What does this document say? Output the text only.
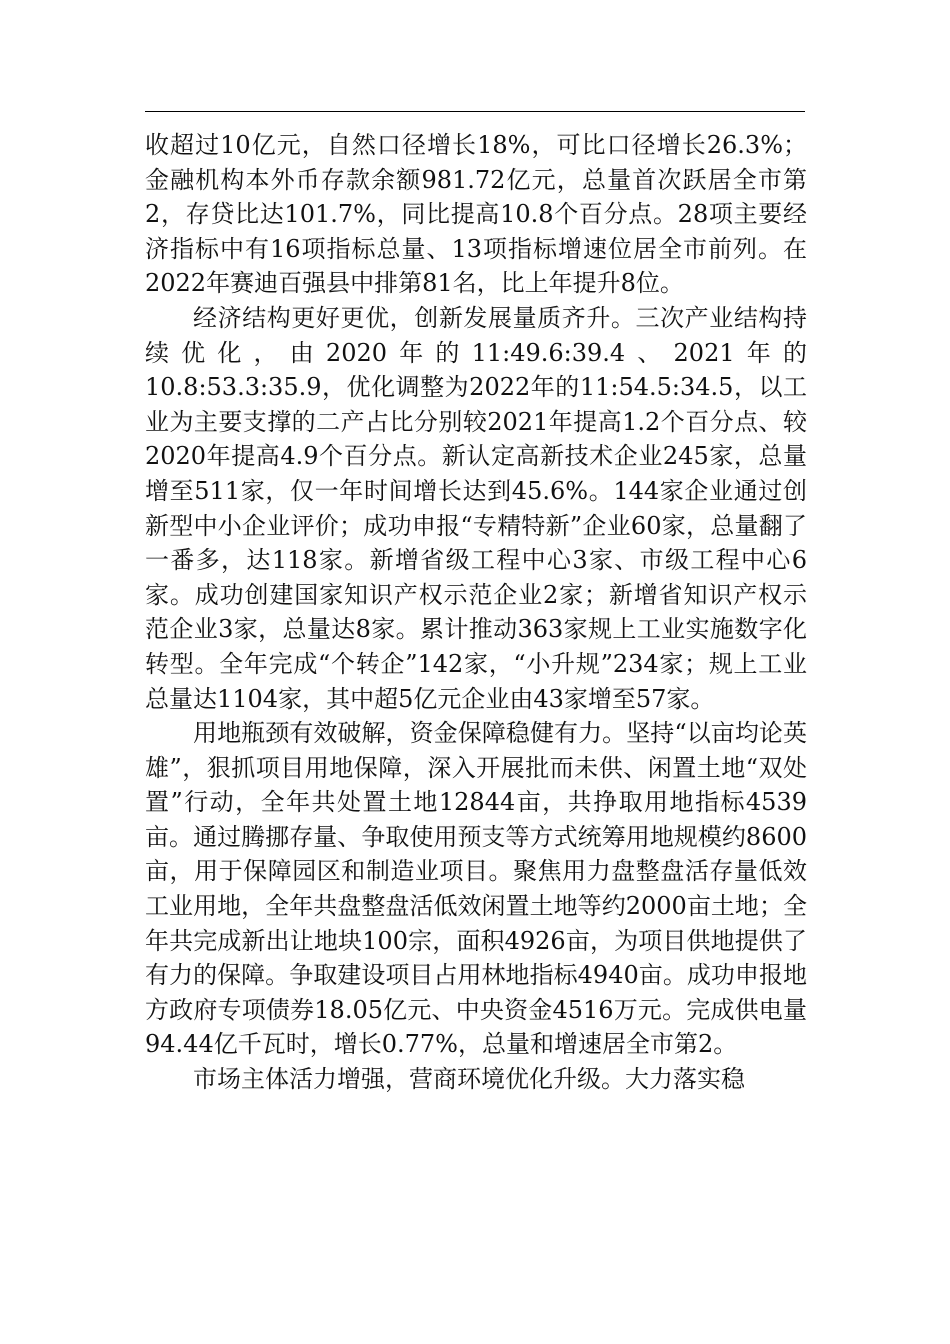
收超过10亿元，自然口径增长18%，可比口径增长26.3%；金融机构本外币存款余额981.72亿元，总量首次跃居全市第2，存贷比达101.7%，同比提高10.8个百分点。28项主要经济指标中有16项指标总量、13项指标增速位居全市前列。在2022年赛迪百强县中排第81名，比上年提升8位。

经济结构更好更优，创新发展量质齐升。三次产业结构持续优化，由2020年的11:49.6:39.4、2021年的10.8:53.3:35.9，优化调整为2022年的11:54.5:34.5，以工业为主要支撑的二产占比分别较2021年提高1.2个百分点、较2020年提高4.9个百分点。新认定高新技术企业245家，总量增至511家，仅一年时间增长达到45.6%。144家企业通过创新型中小企业评价；成功申报“专精特新”企业60家，总量翻了一番多，达118家。新增省级工程中心3家、市级工程中心6家。成功创建国家知识产权示范企业2家；新增省知识产权示范企业3家，总量达8家。累计推动363家规上工业实施数字化转型。全年完成“个转企”142家，“小升规”234家；规上工业总量达1104家，其中超5亿元企业由43家增至57家。

用地瓶颈有效破解，资金保障稳健有力。坚持“以亩均论英雄”，狠抓项目用地保障，深入开展批而未供、闲置土地“双处置”行动，全年共处置土地12844亩，共挣取用地指标4539亩。通过腾挪存量、争取使用预支等方式统筹用地规模约8600亩，用于保障园区和制造业项目。聚焦用力盘整盘活存量低效工业用地，全年共盘整盘活低效闲置土地等约2000亩土地；全年共完成新出让地块100宗，面积4926亩，为项目供地提供了有力的保障。争取建设项目占用林地指标4940亩。成功申报地方政府专项债券18.05亿元、中央资金4516万元。完成供电量94.44亿千瓦时，增长0.77%，总量和增速居全市第2。

市场主体活力增强，营商环境优化升级。大力落实稳
